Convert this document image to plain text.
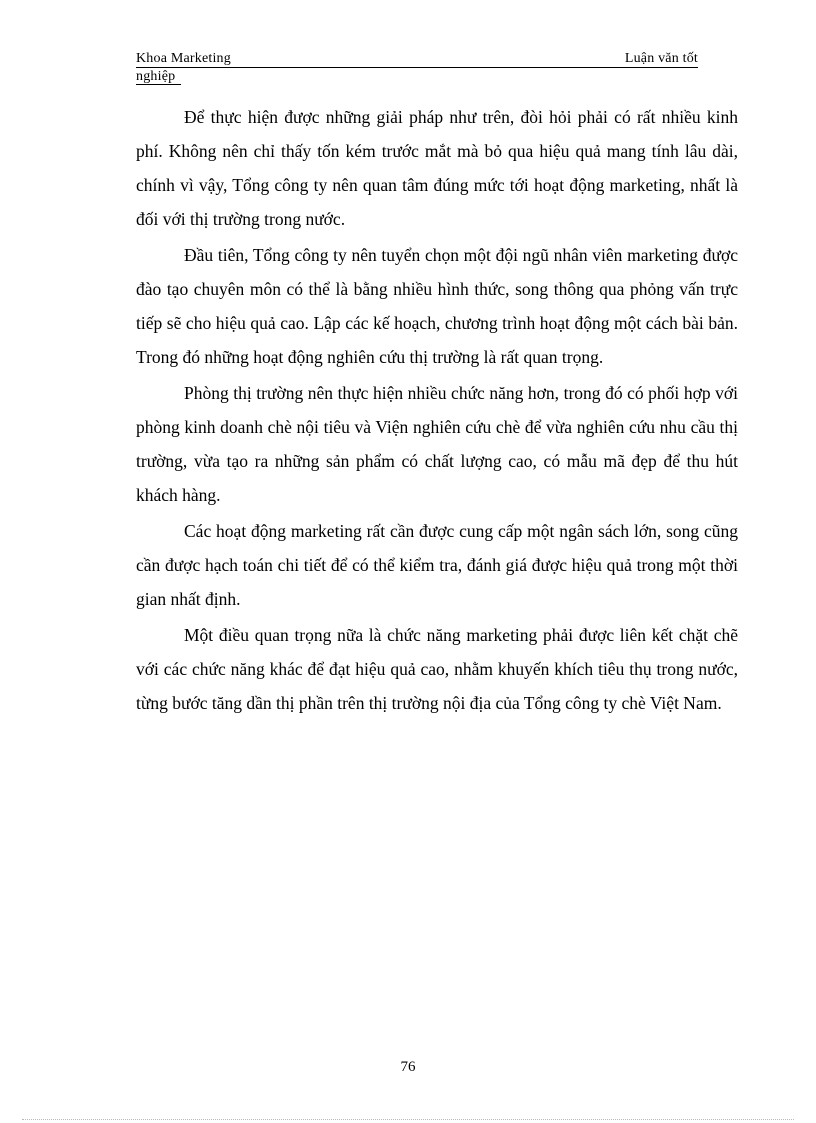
Khoa Marketing	Luận văn tốt
nghiệp

Để thực hiện được những giải pháp như trên, đòi hỏi phải có rất nhiều kinh phí. Không nên chỉ thấy tốn kém trước mắt mà bỏ qua hiệu quả mang tính lâu dài, chính vì vậy, Tổng công ty nên quan tâm đúng mức tới hoạt động marketing, nhất là đối với thị trường trong nước.

Đầu tiên, Tổng công ty nên tuyển chọn một đội ngũ nhân viên marketing được đào tạo chuyên môn có thể là bằng nhiều hình thức, song thông qua phỏng vấn trực tiếp sẽ cho hiệu quả cao. Lập các kế hoạch, chương trình hoạt động một cách bài bản. Trong đó những hoạt động nghiên cứu thị trường là rất quan trọng.

Phòng thị trường nên thực hiện nhiều chức năng hơn, trong đó có phối hợp với phòng kinh doanh chè nội tiêu và Viện nghiên cứu chè để vừa nghiên cứu nhu cầu thị trường, vừa tạo ra những sản phẩm có chất lượng cao, có mẫu mã đẹp để thu hút khách hàng.

Các hoạt động marketing rất cần được cung cấp một ngân sách lớn, song cũng cần được hạch toán chi tiết để có thể kiểm tra, đánh giá được hiệu quả trong một thời gian nhất định.

Một điều quan trọng nữa là chức năng marketing phải được liên kết chặt chẽ với các chức năng khác để đạt hiệu quả cao, nhằm khuyến khích tiêu thụ trong nước, từng bước tăng dần thị phần trên thị trường nội địa của Tổng công ty chè Việt Nam.

76
